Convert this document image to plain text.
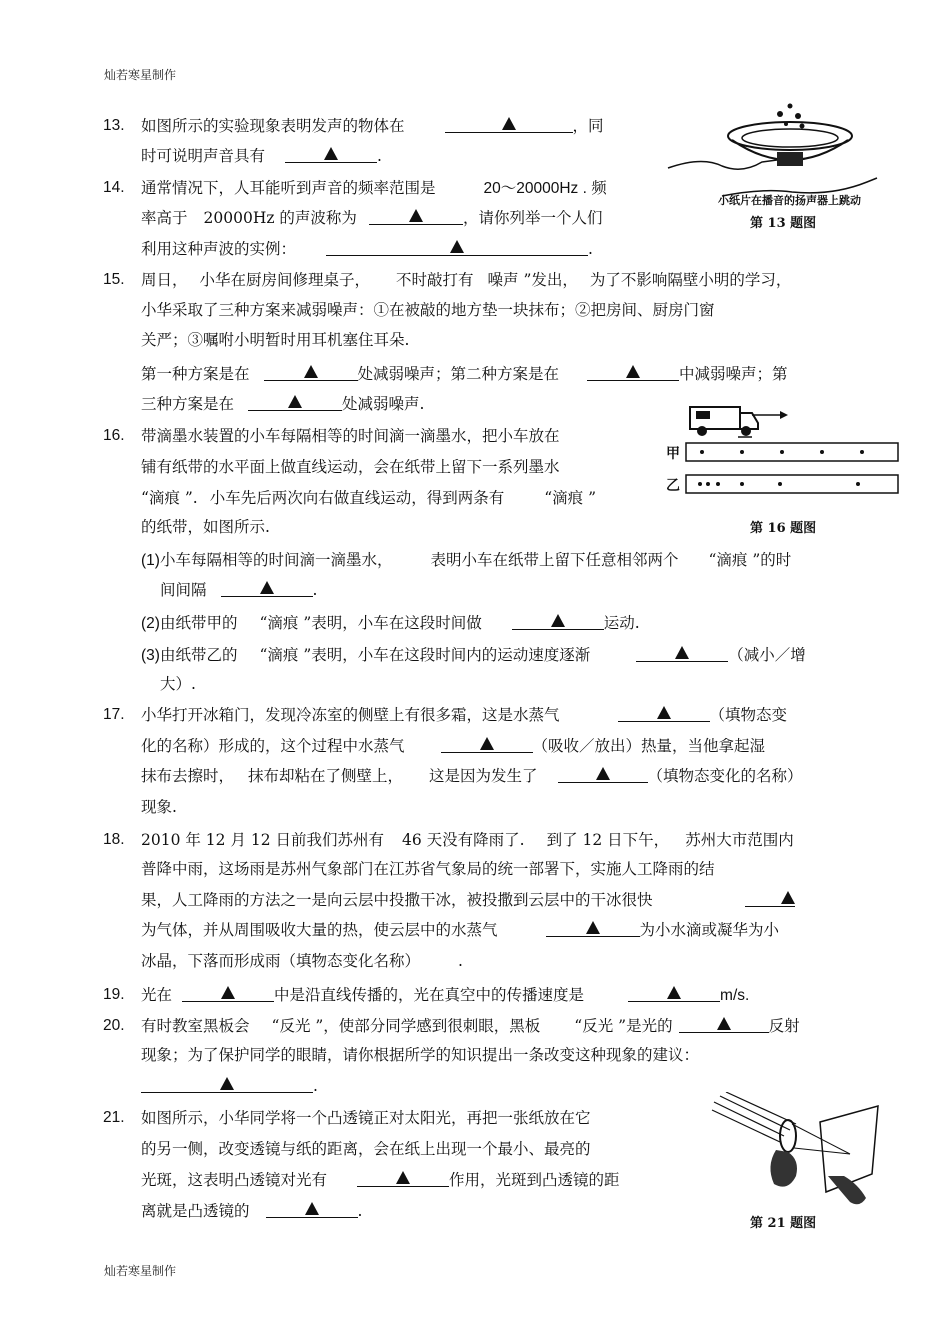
灿若寒星制作
灿若寒星制作
13. 如图所示的实验现象表明发声的物体在	，同
时可说明声音具有	.
小纸片在播音的扬声器上跳动
第 13 题图
14. 通常情况下，人耳能听到声音的频率范围是	20～20000Hz . 频
率高于 20000Hz 的声波称为	，请你列举一个人们
利用这种声波的实例：	.
15. 周日， 小华在厨房间修理桌子， 不时敲打有 噪声 ”发出， 为了不影响隔壁小明的学习，
小华采取了三种方案来减弱噪声：①在被敲的地方垫一块抹布；②把房间、厨房门窗
关严；③嘱咐小明暂时用耳机塞住耳朵.
第一种方案是在	处减弱噪声；第二种方案是在	中减弱噪声；第
三种方案是在	处减弱噪声.
16. 带滴墨水装置的小车每隔相等的时间滴一滴墨水，把小车放在
铺有纸带的水平面上做直线运动，会在纸带上留下一系列墨水
“滴痕 ”. 小车先后两次向右做直线运动，得到两条有	“滴痕 ”
的纸带，如图所示.
甲
乙
第 16 题图
(1)小车每隔相等的时间滴一滴墨水， 表明小车在纸带上留下任意相邻两个 “滴痕 ”的时
间间隔	.
(2)由纸带甲的 “滴痕 ”表明，小车在这段时间做	运动.
(3)由纸带乙的 “滴痕 ”表明，小车在这段时间内的运动速度逐渐	（减小／增
大）.
17. 小华打开冰箱门，发现冷冻室的侧壁上有很多霜，这是水蒸气	（填物态变
化的名称）形成的，这个过程中水蒸气	（吸收／放出）热量，当他拿起湿
抹布去擦时， 抹布却粘在了侧壁上， 这是因为发生了	（填物态变化的名称）
现象.
18. 2010 年 12 月 12 日前我们苏州有 46 天没有降雨了. 到了 12 日下午， 苏州大市范围内
普降中雨，这场雨是苏州气象部门在江苏省气象局的统一部署下，实施人工降雨的结
果，人工降雨的方法之一是向云层中投撒干冰，被投撒到云层中的干冰很快
为气体，并从周围吸收大量的热，使云层中的水蒸气	为小水滴或凝华为小
冰晶，下落而形成雨（填物态变化名称） .
19. 光在	中是沿直线传播的，光在真空中的传播速度是	m/s.
20. 有时教室黑板会 “反光 ”，使部分同学感到很刺眼，黑板 “反光 ”是光的	反射
现象；为了保护同学的眼睛，请你根据所学的知识提出一条改变这种现象的建议：
.
21. 如图所示，小华同学将一个凸透镜正对太阳光，再把一张纸放在它
的另一侧，改变透镜与纸的距离，会在纸上出现一个最小、最亮的
光斑，这表明凸透镜对光有	作用，光斑到凸透镜的距
离就是凸透镜的	.
第 21 题图
